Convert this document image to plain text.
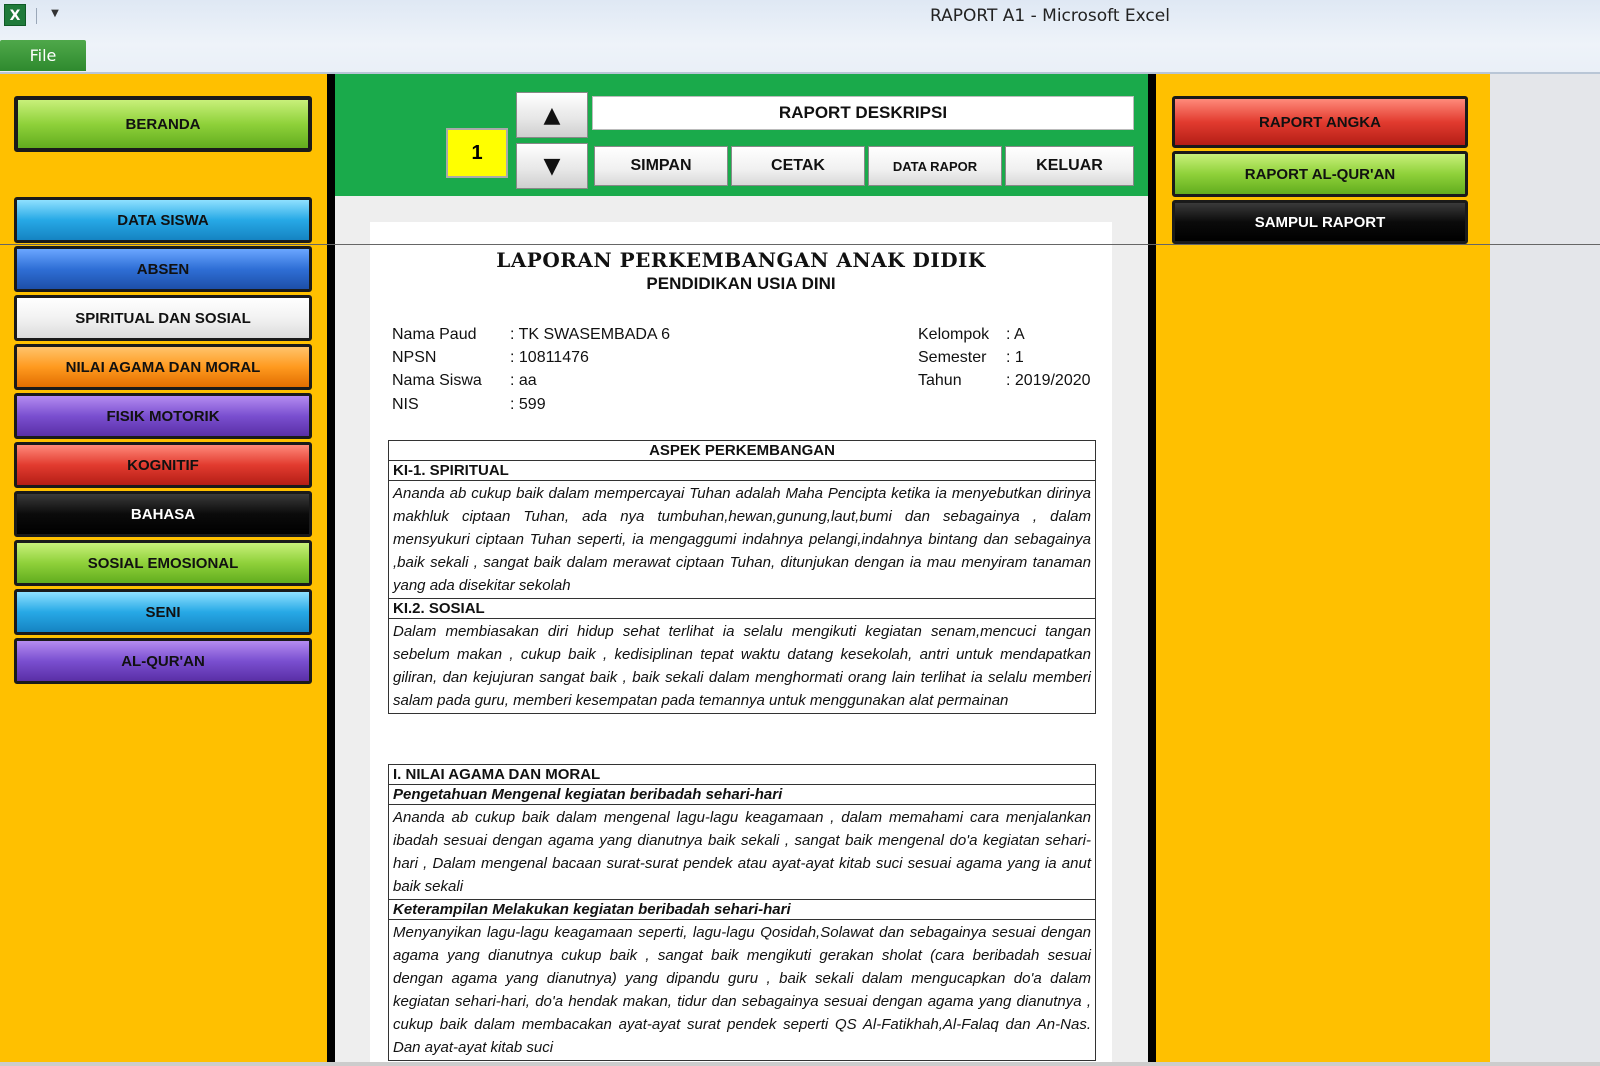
X	▼	RAPORT A1 - Microsoft Excel
File
BERANDA
DATA SISWA
ABSEN
SPIRITUAL DAN SOSIAL
NILAI AGAMA DAN MORAL
FISIK MOTORIK
KOGNITIF
BAHASA
SOSIAL EMOSIONAL
SENI
AL-QUR'AN
RAPORT ANGKA
RAPORT AL-QUR'AN
SAMPUL RAPORT
1
▲
▼
RAPORT DESKRIPSI
SIMPAN	CETAK	DATA RAPOR	KELUAR
LAPORAN PERKEMBANGAN ANAK DIDIK
PENDIDIKAN USIA DINI
Nama Paud : TK SWASEMBADA 6
NPSN	: 10811476
Nama Siswa : aa
NIS	: 599
Kelompok : A
Semester : 1
Tahun	: 2019/2020
ASPEK PERKEMBANGAN
KI-1. SPIRITUAL
Ananda ab cukup baik dalam mempercayai Tuhan adalah Maha Pencipta ketika ia menyebutkan dirinya makhluk ciptaan Tuhan, ada nya tumbuhan,hewan,gunung,laut,bumi dan sebagainya , dalam mensyukuri ciptaan Tuhan seperti, ia mengaggumi indahnya pelangi,indahnya bintang dan sebagainya ,baik sekali , sangat baik dalam merawat ciptaan Tuhan, ditunjukan dengan ia mau menyiram tanaman yang ada disekitar sekolah
KI.2. SOSIAL
Dalam membiasakan diri hidup sehat terlihat ia selalu mengikuti kegiatan senam,mencuci tangan sebelum makan , cukup baik , kedisiplinan tepat waktu datang kesekolah, antri untuk mendapatkan giliran, dan kejujuran sangat baik , baik sekali dalam menghormati orang lain terlihat ia selalu memberi salam pada guru, memberi kesempatan pada temannya untuk menggunakan alat permainan
I. NILAI AGAMA DAN MORAL
Pengetahuan Mengenal kegiatan beribadah sehari-hari
Ananda ab cukup baik dalam mengenal lagu-lagu keagamaan , dalam memahami cara menjalankan ibadah sesuai dengan agama yang dianutnya baik sekali , sangat baik mengenal do'a kegiatan sehari-hari , Dalam mengenal bacaan surat-surat pendek atau ayat-ayat kitab suci sesuai agama yang ia anut baik sekali
Keterampilan Melakukan kegiatan beribadah sehari-hari
Menyanyikan lagu-lagu keagamaan seperti, lagu-lagu Qosidah,Solawat dan sebagainya sesuai dengan agama yang dianutnya cukup baik , sangat baik mengikuti gerakan sholat (cara beribadah sesuai dengan agama yang dianutnya) yang dipandu guru , baik sekali dalam mengucapkan do'a dalam kegiatan sehari-hari, do'a hendak makan, tidur dan sebagainya sesuai dengan agama yang dianutnya , cukup baik dalam membacakan ayat-ayat surat pendek seperti QS Al-Fatikhah,Al-Falaq dan An-Nas. Dan ayat-ayat kitab suci
